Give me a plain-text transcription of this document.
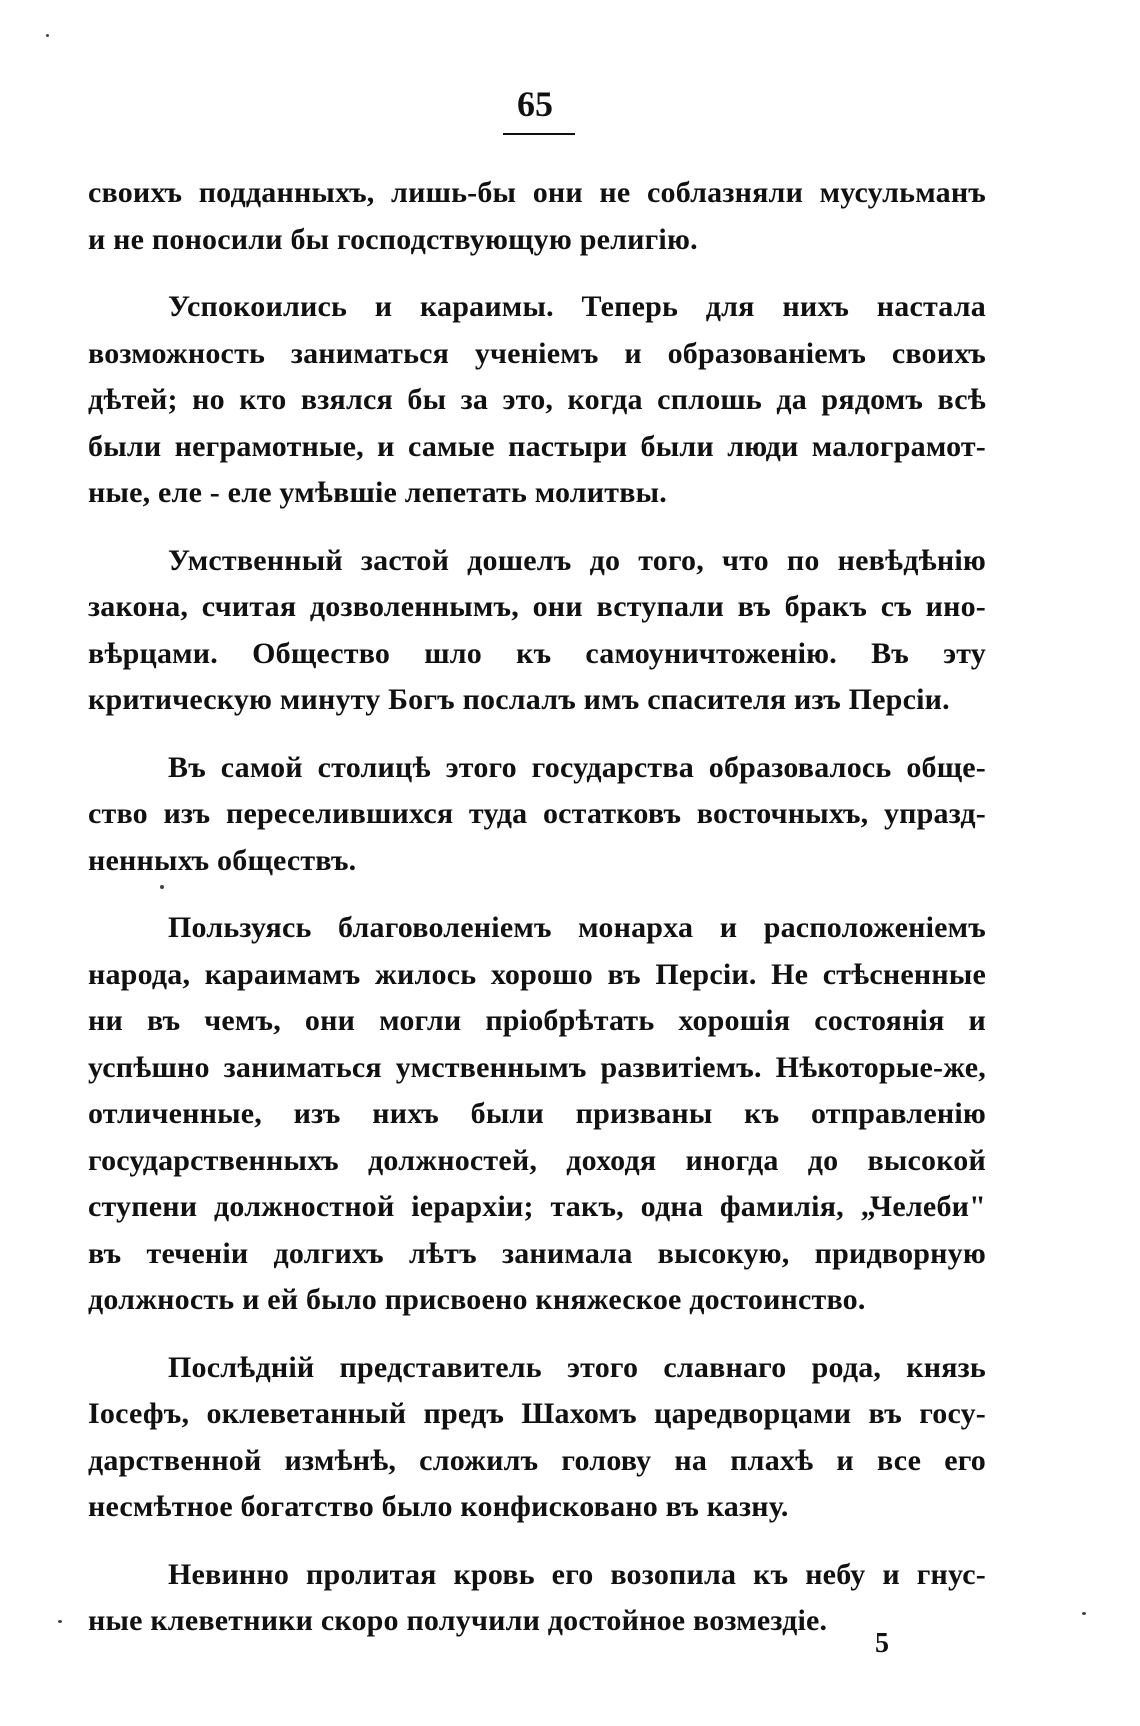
65
своихъ подданныхъ, лишь-бы они не соблазняли мусульманъ
и не поносили бы господствующую религію.
Успокоились и караимы. Теперь для нихъ настала
возможность заниматься ученіемъ и образованіемъ своихъ
дѣтей; но кто взялся бы за это, когда сплошь да рядомъ всѣ
были неграмотные, и самые пастыри были люди малограмот-
ные, еле - еле умѣвшіе лепетать молитвы.
Умственный застой дошелъ до того, что по невѣдѣнію
закона, считая дозволеннымъ, они вступали въ бракъ съ ино-
вѣрцами. Общество шло къ самоуничтоженію. Въ эту
критическую минуту Богъ послалъ имъ спасителя изъ Персіи.
Въ самой столицѣ этого государства образовалось обще-
ство изъ переселившихся туда остатковъ восточныхъ, упразд-
ненныхъ обществъ.
Пользуясь благоволеніемъ монарха и расположеніемъ
народа, караимамъ жилось хорошо въ Персіи. Не стѣсненные
ни въ чемъ, они могли пріобрѣтать хорошія состоянія и
успѣшно заниматься умственнымъ развитіемъ. Нѣкоторые-же,
отличенные, изъ нихъ были призваны къ отправленію
государственныхъ должностей, доходя иногда до высокой
ступени должностной іерархіи; такъ, одна фамилія, „Челеби"
въ теченіи долгихъ лѣтъ занимала высокую, придворную
должность и ей было присвоено княжеское достоинство.
Послѣдній представитель этого славнаго рода, князь
Іосефъ, оклеветанный предъ Шахомъ царедворцами въ госу-
дарственной измѣнѣ, сложилъ голову на плахѣ и все его
несмѣтное богатство было конфисковано въ казну.
Невинно пролитая кровь его возопила къ небу и гнус-
ные клеветники скоро получили достойное возмездіе.
5
